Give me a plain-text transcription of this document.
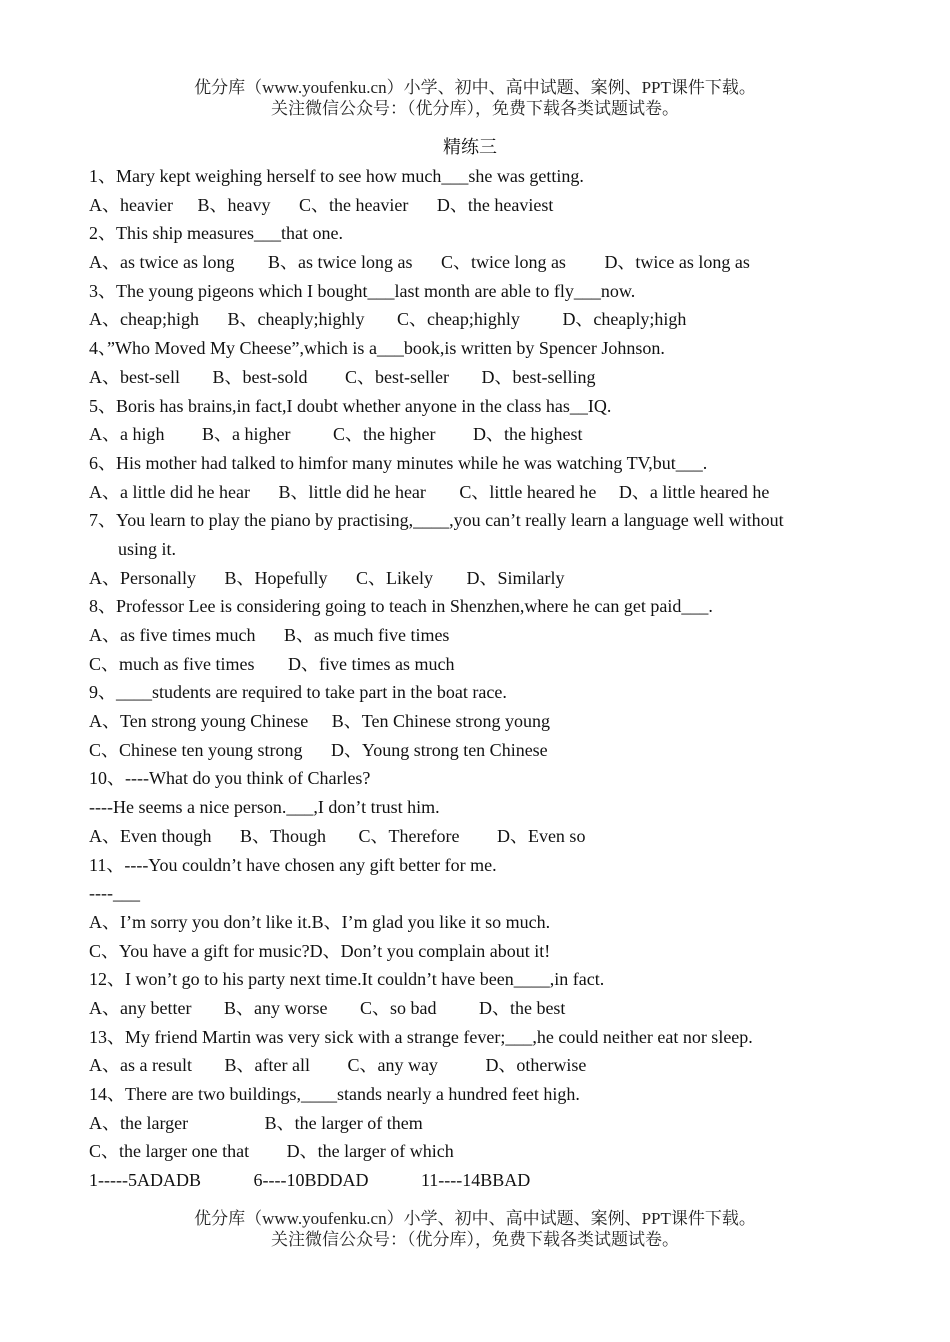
优分库（www.youfenku.cn）小学、初中、高中试题、案例、PPT课件下载。
关注微信公众号：（优分库），免费下载各类试题试卷。
精练三
1、Mary kept weighing herself to see how much___she was getting.
A、heavier B、heavy C、the heavier D、the heaviest
2、This ship measures___that one.
A、as twice as long B、as twice long as C、twice long as D、twice as long as
3、The young pigeons which I bought___last month are able to fly___now.
A、cheap;high B、cheaply;highly C、cheap;highly D、cheaply;high
4、”Who Moved My Cheese”,which is a___book,is written by Spencer Johnson.
A、best-sell B、best-sold C、best-seller D、best-selling
5、Boris has brains,in fact,I doubt whether anyone in the class has__IQ.
A、a high B、a higher C、the higher D、the highest
6、His mother had talked to himfor many minutes while he was watching TV,but___.
A、a little did he hear B、little did he hear C、little heared he D、a little heared he
7、You learn to play the piano by practising,____,you can’t really learn a language well without
using it.
A、Personally B、Hopefully C、Likely D、Similarly
8、Professor Lee is considering going to teach in Shenzhen,where he can get paid___.
A、as five times much B、as much five times
C、much as five times D、five times as much
9、____students are required to take part in the boat race.
A、Ten strong young Chinese B、Ten Chinese strong young
C、Chinese ten young strong D、Young strong ten Chinese
10、----What do you think of Charles?
----He seems a nice person.___,I don’t trust him.
A、Even though B、Though C、Therefore D、Even so
11、----You couldn’t have chosen any gift better for me.
----___
A、I’m sorry you don’t like it.B、I’m glad you like it so much.
C、You have a gift for music?D、Don’t you complain about it!
12、I won’t go to his party next time.It couldn’t have been____,in fact.
A、any better B、any worse C、so bad D、the best
13、My friend Martin was very sick with a strange fever;___,he could neither eat nor sleep.
A、as a result B、after all C、any way	D、otherwise
14、There are two buildings,____stands nearly a hundred feet high.
A、the larger	B、the larger of them
C、the larger one that D、the larger of which
1-----5ADADB	6----10BDDAD	11----14BBAD
优分库（www.youfenku.cn）小学、初中、高中试题、案例、PPT课件下载。
关注微信公众号：（优分库），免费下载各类试题试卷。
